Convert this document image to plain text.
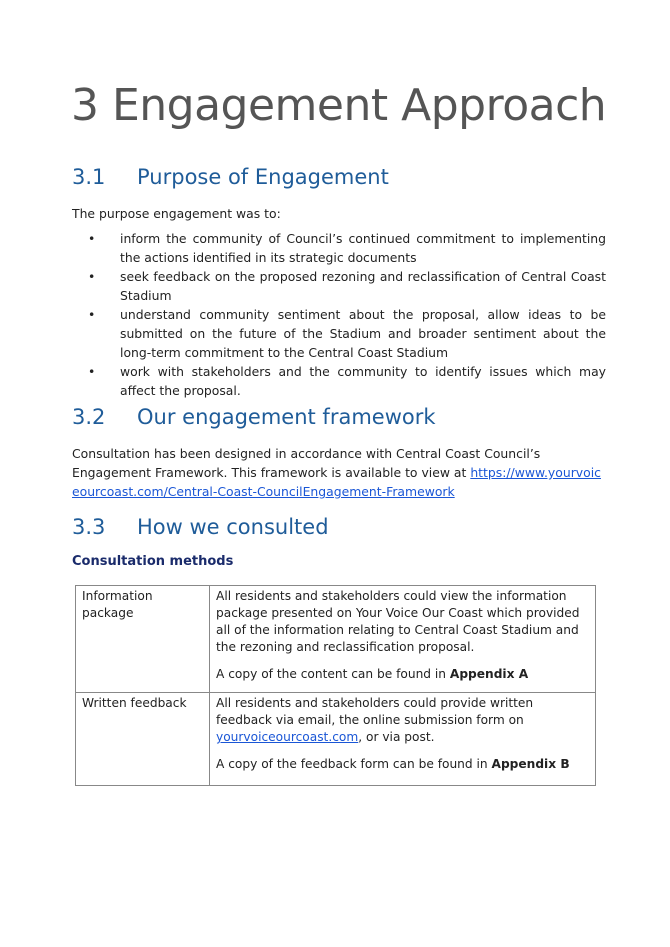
3 Engagement Approach
3.1 Purpose of Engagement

The purpose engagement was to:

• inform the community of Council’s continued commitment to implementing the actions identified in its strategic documents
• seek feedback on the proposed rezoning and reclassification of Central Coast Stadium
• understand community sentiment about the proposal, allow ideas to be submitted on the future of the Stadium and broader sentiment about the long-term commitment to the Central Coast Stadium
• work with stakeholders and the community to identify issues which may affect the proposal.
3.2 Our engagement framework

Consultation has been designed in accordance with Central Coast Council’s Engagement Framework. This framework is available to view at https://www.yourvoiceourcoast.com/Central-Coast-CouncilEngagement-Framework

3.3 How we consulted
Consultation methods
Information package	All residents and stakeholders could view the information package presented on Your Voice Our Coast which provided all of the information relating to Central Coast Stadium and the rezoning and reclassification proposal.

A copy of the content can be found in Appendix A

Written feedback	All residents and stakeholders could provide written feedback via email, the online submission form on yourvoiceourcoast.com, or via post.

A copy of the feedback form can be found in Appendix B
